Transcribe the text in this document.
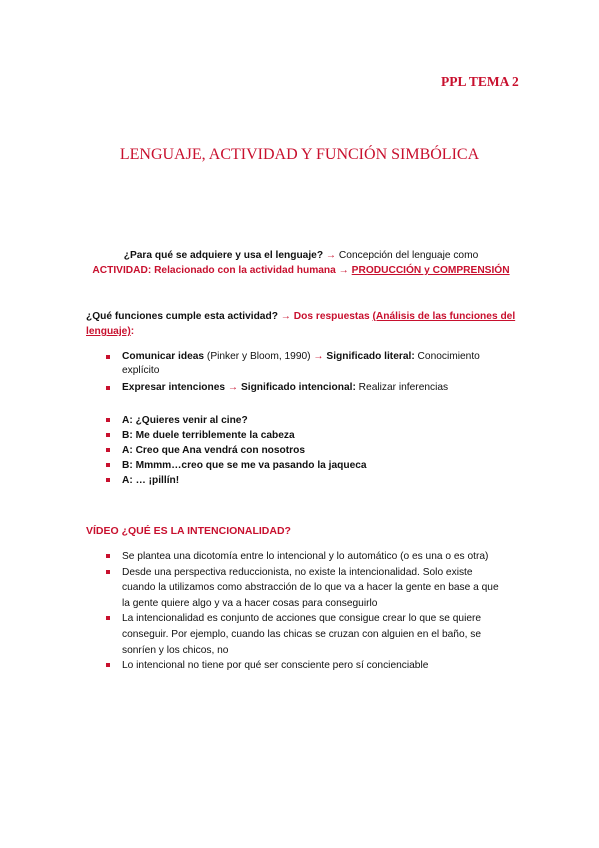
PPL TEMA 2
LENGUAJE, ACTIVIDAD Y FUNCIÓN SIMBÓLICA
¿Para qué se adquiere y usa el lenguaje? → Concepción del lenguaje como
ACTIVIDAD: Relacionado con la actividad humana → PRODUCCIÓN y COMPRENSIÓN
¿Qué funciones cumple esta actividad? → Dos respuestas (Análisis de las funciones del lenguaje):
Comunicar ideas (Pinker y Bloom, 1990) → Significado literal: Conocimiento explícito
Expresar intenciones → Significado intencional: Realizar inferencias
A: ¿Quieres venir al cine?
B: Me duele terriblemente la cabeza
A: Creo que Ana vendrá con nosotros
B: Mmmm…creo que se me va pasando la jaqueca
A: … ¡pillín!
VÍDEO ¿QUÉ ES LA INTENCIONALIDAD?
Se plantea una dicotomía entre lo intencional y lo automático (o es una o es otra)
Desde una perspectiva reduccionista, no existe la intencionalidad. Solo existe cuando la utilizamos como abstracción de lo que va a hacer la gente en base a que la gente quiere algo y va a hacer cosas para conseguirlo
La intencionalidad es conjunto de acciones que consigue crear lo que se quiere conseguir. Por ejemplo, cuando las chicas se cruzan con alguien en el baño, se sonríen y los chicos, no
Lo intencional no tiene por qué ser consciente pero sí concienciable
